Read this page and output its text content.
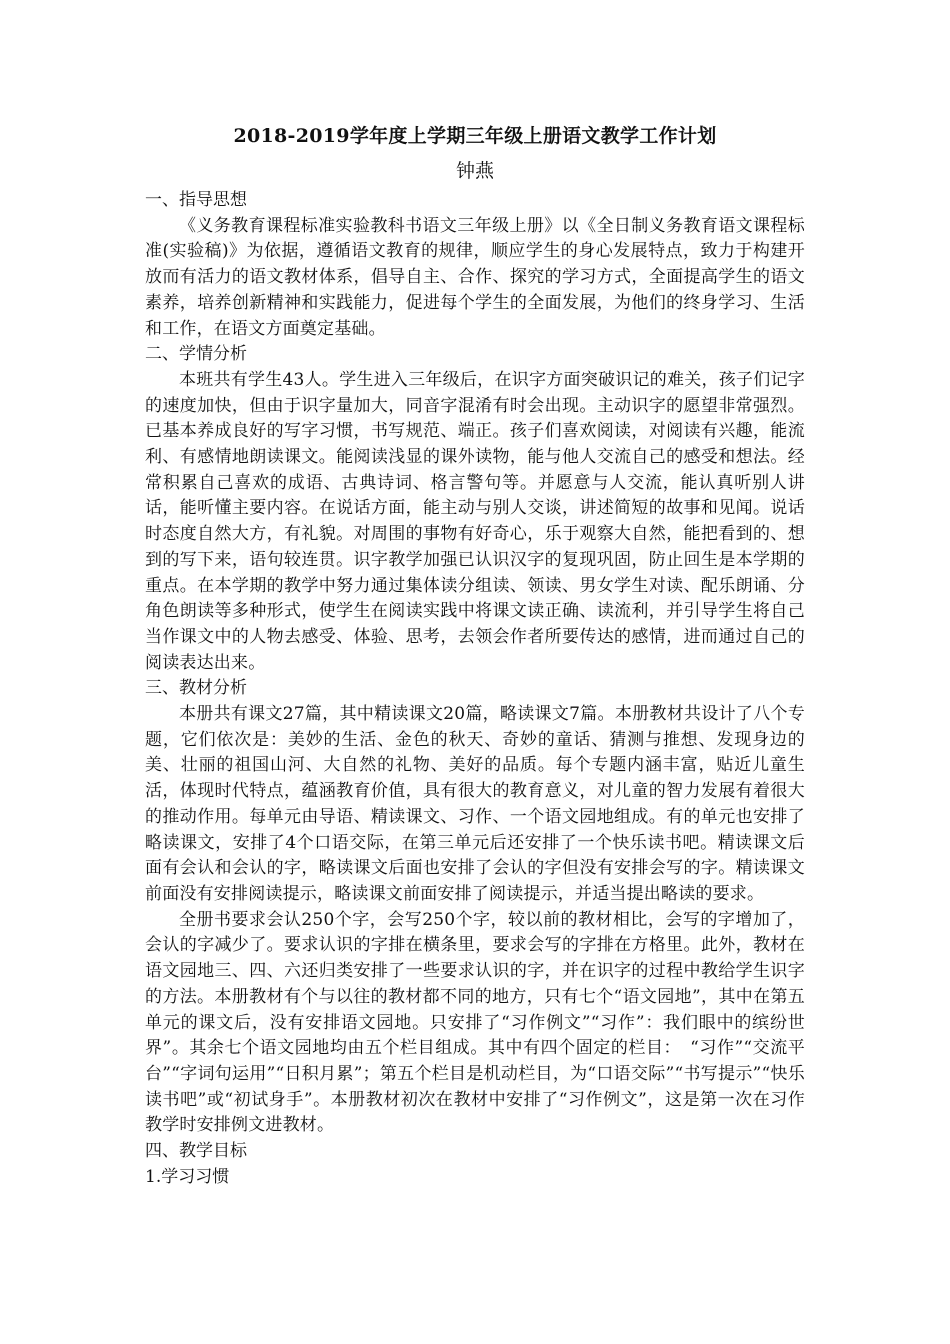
2018-2019学年度上学期三年级上册语文教学工作计划
钟燕
一、指导思想

《义务教育课程标准实验教科书语文三年级上册》以《全日制义务教育语文课程标准(实验稿)》为依据，遵循语文教育的规律，顺应学生的身心发展特点，致力于构建开放而有活力的语文教材体系，倡导自主、合作、探究的学习方式，全面提高学生的语文素养，培养创新精神和实践能力，促进每个学生的全面发展，为他们的终身学习、生活和工作，在语文方面奠定基础。

二、学情分析

本班共有学生43人。学生进入三年级后，在识字方面突破识记的难关，孩子们记字的速度加快，但由于识字量加大，同音字混淆有时会出现。主动识字的愿望非常强烈。已基本养成良好的写字习惯，书写规范、端正。孩子们喜欢阅读，对阅读有兴趣，能流利、有感情地朗读课文。能阅读浅显的课外读物，能与他人交流自己的感受和想法。经常积累自己喜欢的成语、古典诗词、格言警句等。并愿意与人交流，能认真听别人讲话，能听懂主要内容。在说话方面，能主动与别人交谈，讲述简短的故事和见闻。说话时态度自然大方，有礼貌。对周围的事物有好奇心，乐于观察大自然，能把看到的、想到的写下来，语句较连贯。识字教学加强已认识汉字的复现巩固，防止回生是本学期的重点。在本学期的教学中努力通过集体读分组读、领读、男女学生对读、配乐朗诵、分角色朗读等多种形式，使学生在阅读实践中将课文读正确、读流利，并引导学生将自己当作课文中的人物去感受、体验、思考，去领会作者所要传达的感情，进而通过自己的阅读表达出来。

三、教材分析

本册共有课文27篇，其中精读课文20篇，略读课文7篇。本册教材共设计了八个专题，它们依次是：美妙的生活、金色的秋天、奇妙的童话、猜测与推想、发现身边的美、壮丽的祖国山河、大自然的礼物、美好的品质。每个专题内涵丰富，贴近儿童生活，体现时代特点，蕴涵教育价值，具有很大的教育意义，对儿童的智力发展有着很大的推动作用。每单元由导语、精读课文、习作、一个语文园地组成。有的单元也安排了略读课文，安排了4个口语交际，在第三单元后还安排了一个快乐读书吧。精读课文后面有会认和会认的字，略读课文后面也安排了会认的字但没有安排会写的字。精读课文前面没有安排阅读提示，略读课文前面安排了阅读提示，并适当提出略读的要求。

全册书要求会认250个字，会写250个字，较以前的教材相比，会写的字增加了，会认的字减少了。要求认识的字排在横条里，要求会写的字排在方格里。此外，教材在语文园地三、四、六还归类安排了一些要求认识的字，并在识字的过程中教给学生识字的方法。本册教材有个与以往的教材都不同的地方，只有七个“语文园地”，其中在第五单元的课文后，没有安排语文园地。只安排了“习作例文”“习作”：我们眼中的缤纷世界”。其余七个语文园地均由五个栏目组成。其中有四个固定的栏目：　“习作”“交流平台”“字词句运用”“日积月累”；第五个栏目是机动栏目，为“口语交际”“书写提示”“快乐读书吧”或“初试身手”。本册教材初次在教材中安排了“习作例文”，这是第一次在习作教学时安排例文进教材。

四、教学目标
1.学习习惯
